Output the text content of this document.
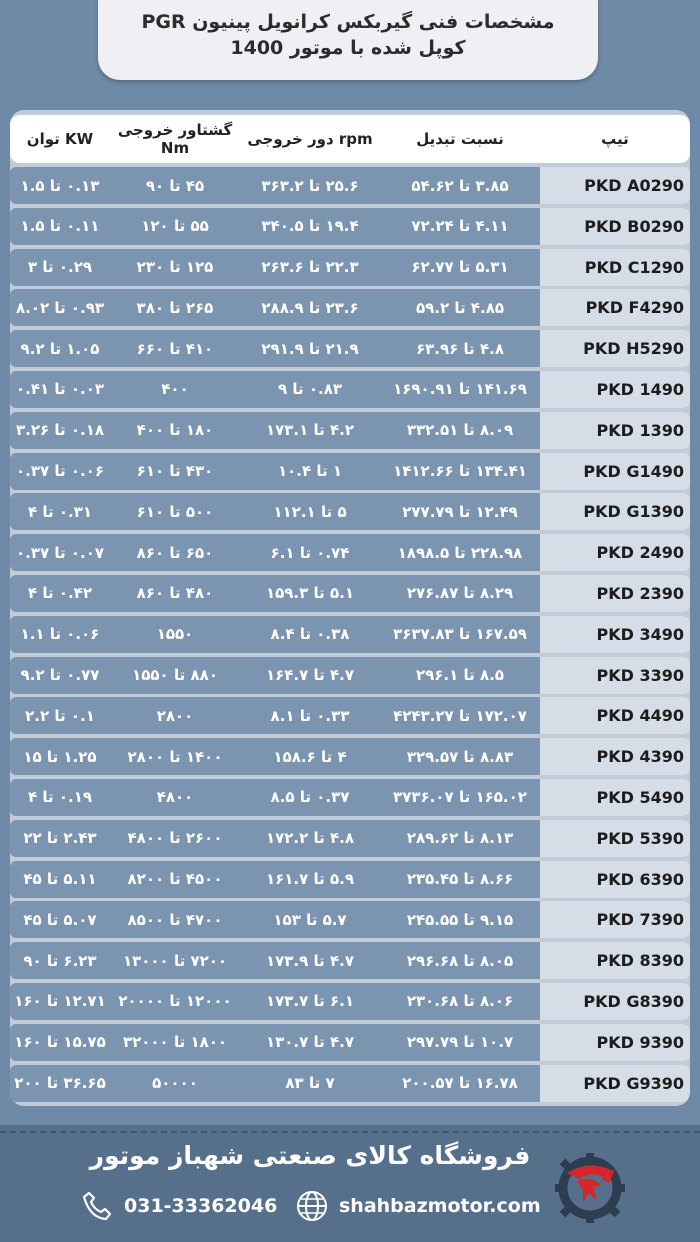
مشخصات فنی گیربکس کرانویل پینیون PGR
کوپل شده با موتور 1400
تیپ
نسبت تبدیل
دور خروجی rpm
گشتاور خروجی Nm
توان KW
PKD A0290
۳.۸۵ تا ۵۴.۶۲
۲۵.۶ تا ۳۶۳.۲
۴۵ تا ۹۰
۰.۱۳ تا ۱.۵
PKD B0290
۴.۱۱ تا ۷۲.۲۴
۱۹.۴ تا ۳۴۰.۵
۵۵ تا ۱۲۰
۰.۱۱ تا ۱.۵
PKD C1290
۵.۳۱ تا ۶۲.۷۷
۲۲.۳ تا ۲۶۳.۶
۱۲۵ تا ۲۳۰
۰.۲۹ تا ۳
PKD F4290
۴.۸۵ تا ۵۹.۲
۲۳.۶ تا ۲۸۸.۹
۲۶۵ تا ۳۸۰
۰.۹۳ تا ۸.۰۲
PKD H5290
۴.۸ تا ۶۳.۹۶
۲۱.۹ تا ۲۹۱.۹
۴۱۰ تا ۶۶۰
۱.۰۵ تا ۹.۲
PKD 1490
۱۴۱.۶۹ تا ۱۶۹۰.۹۱
۰.۸۳ تا ۹
۴۰۰
۰.۰۳ تا ۰.۴۱
PKD 1390
۸.۰۹ تا ۳۳۲.۵۱
۴.۲ تا ۱۷۳.۱
۱۸۰ تا ۴۰۰
۰.۱۸ تا ۳.۲۶
PKD G1490
۱۳۴.۴۱ تا ۱۴۱۲.۶۶
۱ تا ۱۰.۴
۴۳۰ تا ۶۱۰
۰.۰۶ تا ۰.۳۷
PKD G1390
۱۲.۴۹ تا ۲۷۷.۷۹
۵ تا ۱۱۲.۱
۵۰۰ تا ۶۱۰
۰.۳۱ تا ۴
PKD 2490
۲۲۸.۹۸ تا ۱۸۹۸.۵
۰.۷۴ تا ۶.۱
۶۵۰ تا ۸۶۰
۰.۰۷ تا ۰.۳۷
PKD 2390
۸.۲۹ تا ۲۷۶.۸۷
۵.۱ تا ۱۵۹.۳
۴۸۰ تا ۸۶۰
۰.۴۲ تا ۴
PKD 3490
۱۶۷.۵۹ تا ۳۶۳۷.۸۳
۰.۳۸ تا ۸.۴
۱۵۵۰
۰.۰۶ تا ۱.۱
PKD 3390
۸.۵ تا ۲۹۶.۱
۴.۷ تا ۱۶۴.۷
۸۸۰ تا ۱۵۵۰
۰.۷۷ تا ۹.۲
PKD 4490
۱۷۲.۰۷ تا ۴۲۴۳.۲۷
۰.۳۳ تا ۸.۱
۲۸۰۰
۰.۱ تا ۲.۲
PKD 4390
۸.۸۳ تا ۳۲۹.۵۷
۴ تا ۱۵۸.۶
۱۴۰۰ تا ۲۸۰۰
۱.۲۵ تا ۱۵
PKD 5490
۱۶۵.۰۲ تا ۳۷۳۶.۰۷
۰.۳۷ تا ۸.۵
۴۸۰۰
۰.۱۹ تا ۴
PKD 5390
۸.۱۳ تا ۲۸۹.۶۲
۴.۸ تا ۱۷۲.۲
۲۶۰۰ تا ۴۸۰۰
۲.۴۳ تا ۲۲
PKD 6390
۸.۶۶ تا ۲۳۵.۴۵
۵.۹ تا ۱۶۱.۷
۴۵۰۰ تا ۸۲۰۰
۵.۱۱ تا ۴۵
PKD 7390
۹.۱۵ تا ۲۴۵.۵۵
۵.۷ تا ۱۵۳
۴۷۰۰ تا ۸۵۰۰
۵.۰۷ تا ۴۵
PKD 8390
۸.۰۵ تا ۲۹۶.۶۸
۴.۷ تا ۱۷۳.۹
۷۲۰۰ تا ۱۳۰۰۰
۶.۲۳ تا ۹۰
PKD G8390
۸.۰۶ تا ۲۳۰.۶۸
۶.۱ تا ۱۷۳.۷
۱۲۰۰۰ تا ۲۰۰۰۰
۱۲.۷۱ تا ۱۶۰
PKD 9390
۱۰.۷ تا ۲۹۷.۷۹
۴.۷ تا ۱۳۰.۷
۱۸۰۰ تا ۳۲۰۰۰
۱۵.۷۵ تا ۱۶۰
PKD G9390
۱۶.۷۸ تا ۲۰۰.۵۷
۷ تا ۸۳
۵۰۰۰۰
۳۶.۶۵ تا ۲۰۰
فروشگاه کالای صنعتی شهباز موتور
031-33362046	shahbazmotor.com
